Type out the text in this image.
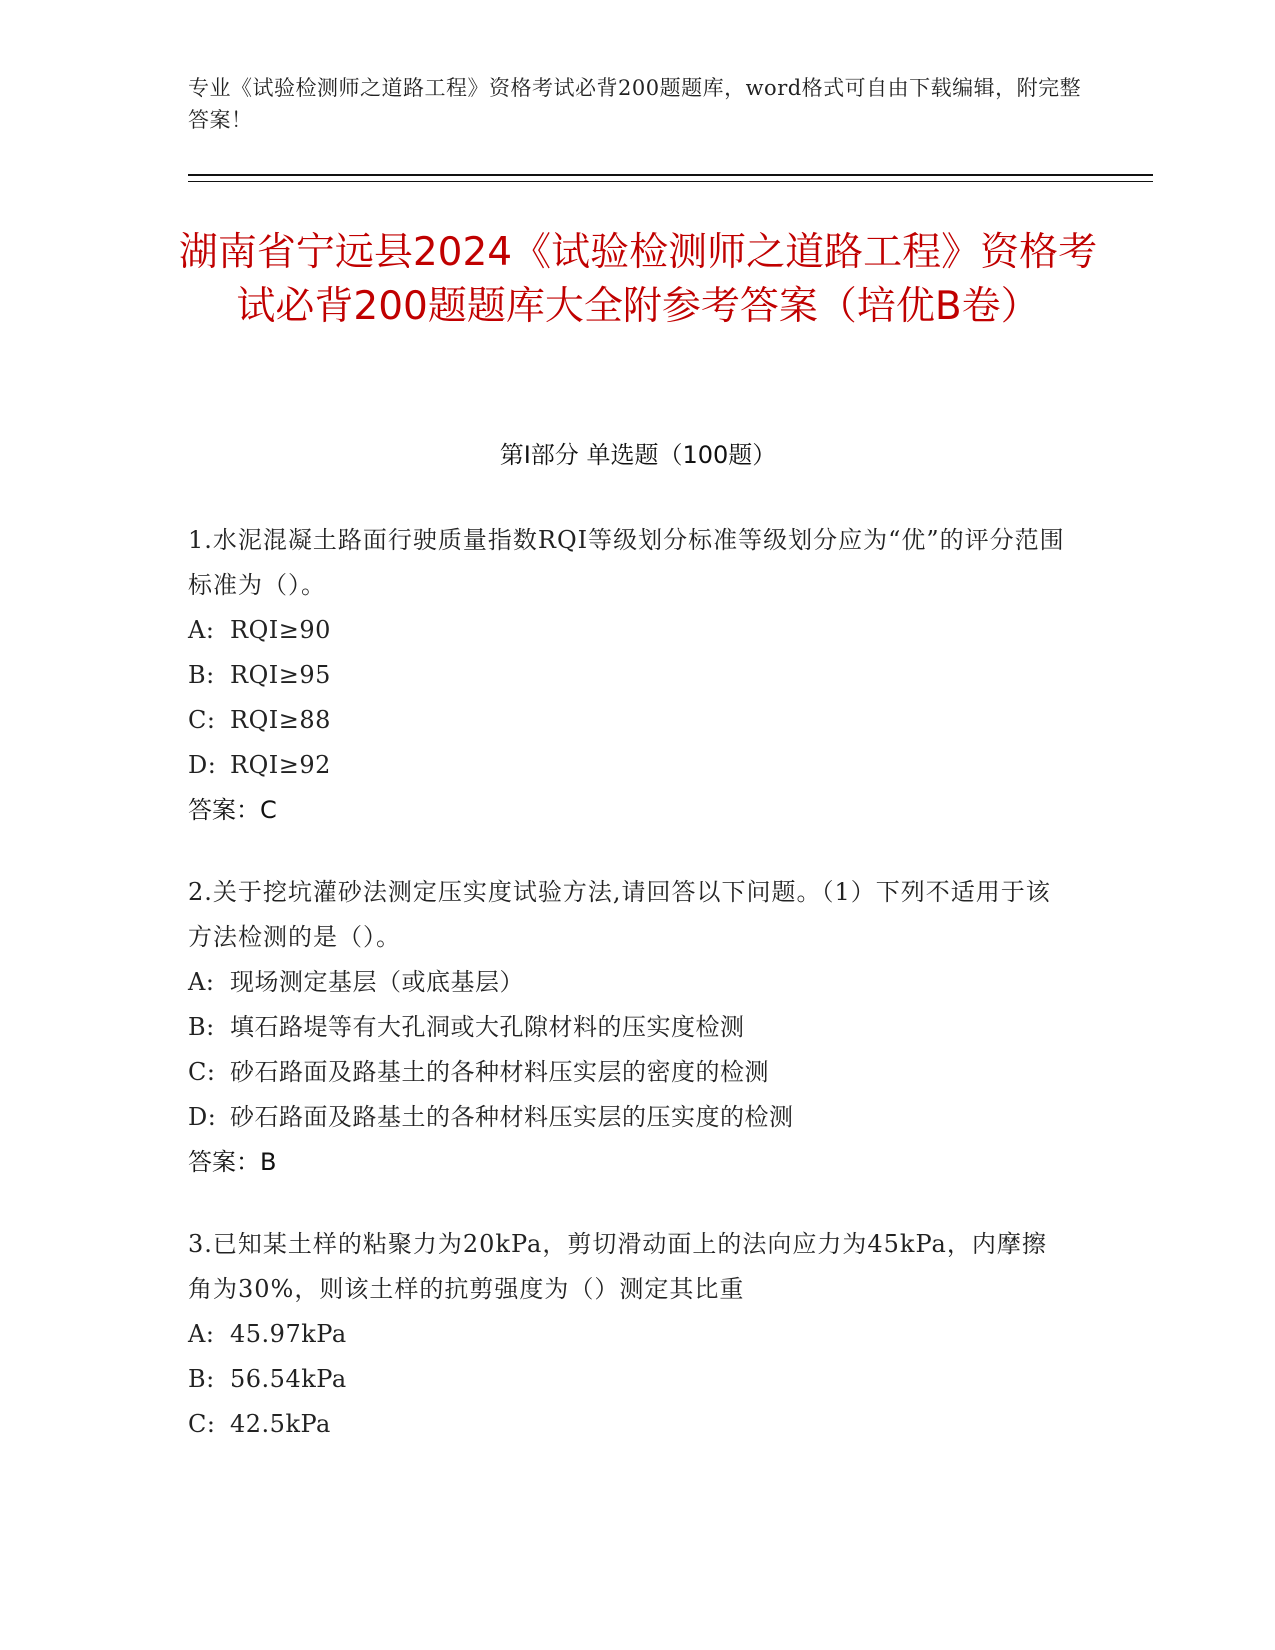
专业《试验检测师之道路工程》资格考试必背200题题库，word格式可自由下载编辑，附完整答案！
湖南省宁远县2024《试验检测师之道路工程》资格考试必背200题题库大全附参考答案（培优B卷）
第Ⅰ部分 单选题（100题）
1.水泥混凝土路面行驶质量指数RQI等级划分标准等级划分应为“优”的评分范围标准为（）。
A: RQI≥90
B: RQI≥95
C: RQI≥88
D: RQI≥92
答案：C
2.关于挖坑灌砂法测定压实度试验方法,请回答以下问题。（1）下列不适用于该方法检测的是（）。
A: 现场测定基层（或底基层）
B: 填石路堤等有大孔洞或大孔隙材料的压实度检测
C: 砂石路面及路基土的各种材料压实层的密度的检测
D: 砂石路面及路基土的各种材料压实层的压实度的检测
答案：B
3.已知某土样的粘聚力为20kPa，剪切滑动面上的法向应力为45kPa，内摩擦角为30%，则该土样的抗剪强度为（）测定其比重
A: 45.97kPa
B: 56.54kPa
C: 42.5kPa
